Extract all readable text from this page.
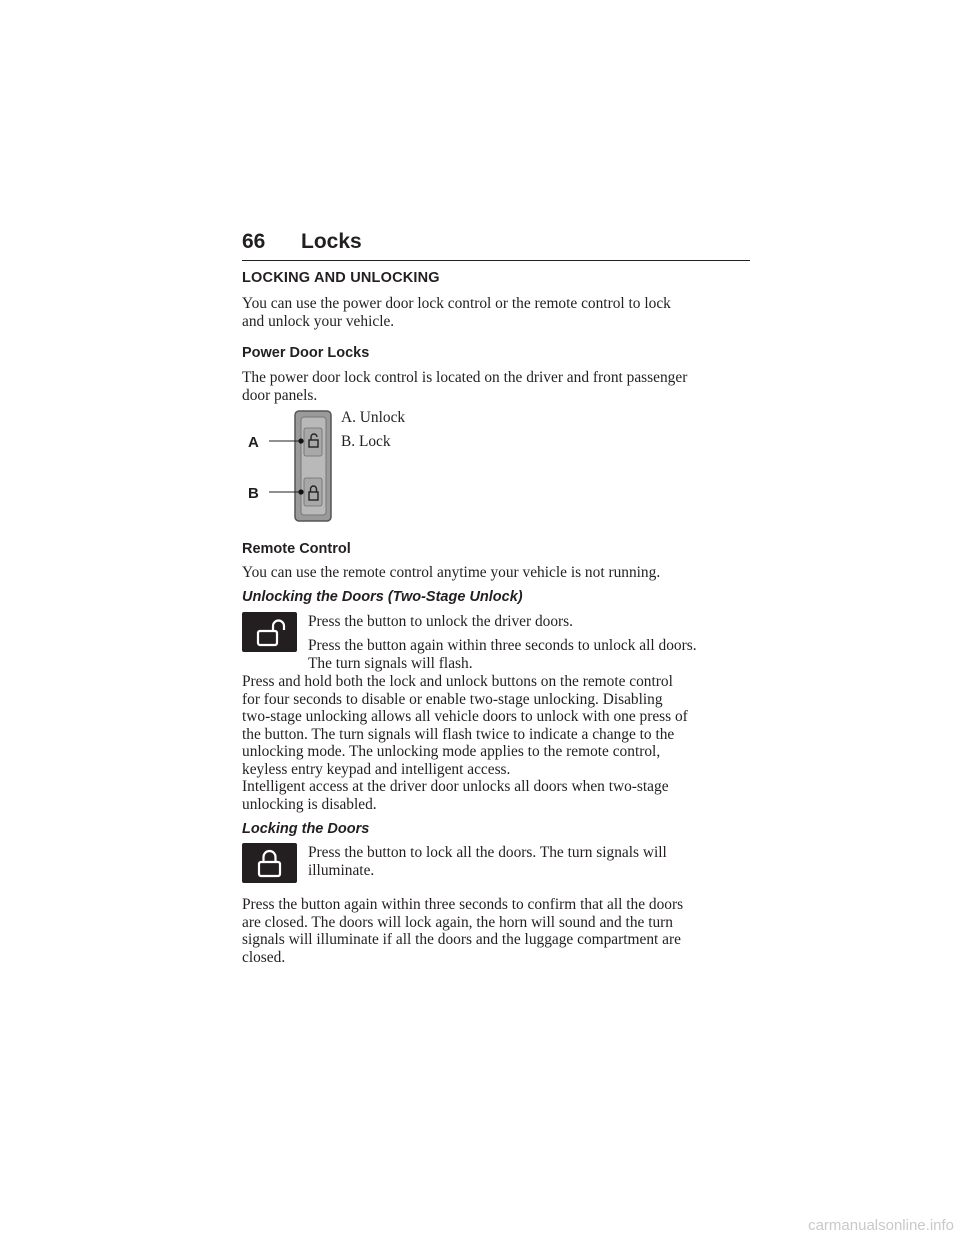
66 Locks
LOCKING AND UNLOCKING
You can use the power door lock control or the remote control to lock
and unlock your vehicle.
Power Door Locks
The power door lock control is located on the driver and front passenger
door panels.
A
B
A. Unlock
B. Lock
Remote Control
You can use the remote control anytime your vehicle is not running.
Unlocking the Doors (Two-Stage Unlock)
Press the button to unlock the driver doors.
Press the button again within three seconds to unlock all doors.
The turn signals will flash.
Press and hold both the lock and unlock buttons on the remote control
for four seconds to disable or enable two-stage unlocking. Disabling
two-stage unlocking allows all vehicle doors to unlock with one press of
the button. The turn signals will flash twice to indicate a change to the
unlocking mode. The unlocking mode applies to the remote control,
keyless entry keypad and intelligent access.
Intelligent access at the driver door unlocks all doors when two-stage
unlocking is disabled.
Locking the Doors
Press the button to lock all the doors. The turn signals will
illuminate.
Press the button again within three seconds to confirm that all the doors
are closed. The doors will lock again, the horn will sound and the turn
signals will illuminate if all the doors and the luggage compartment are
closed.
carmanualsonline.info
